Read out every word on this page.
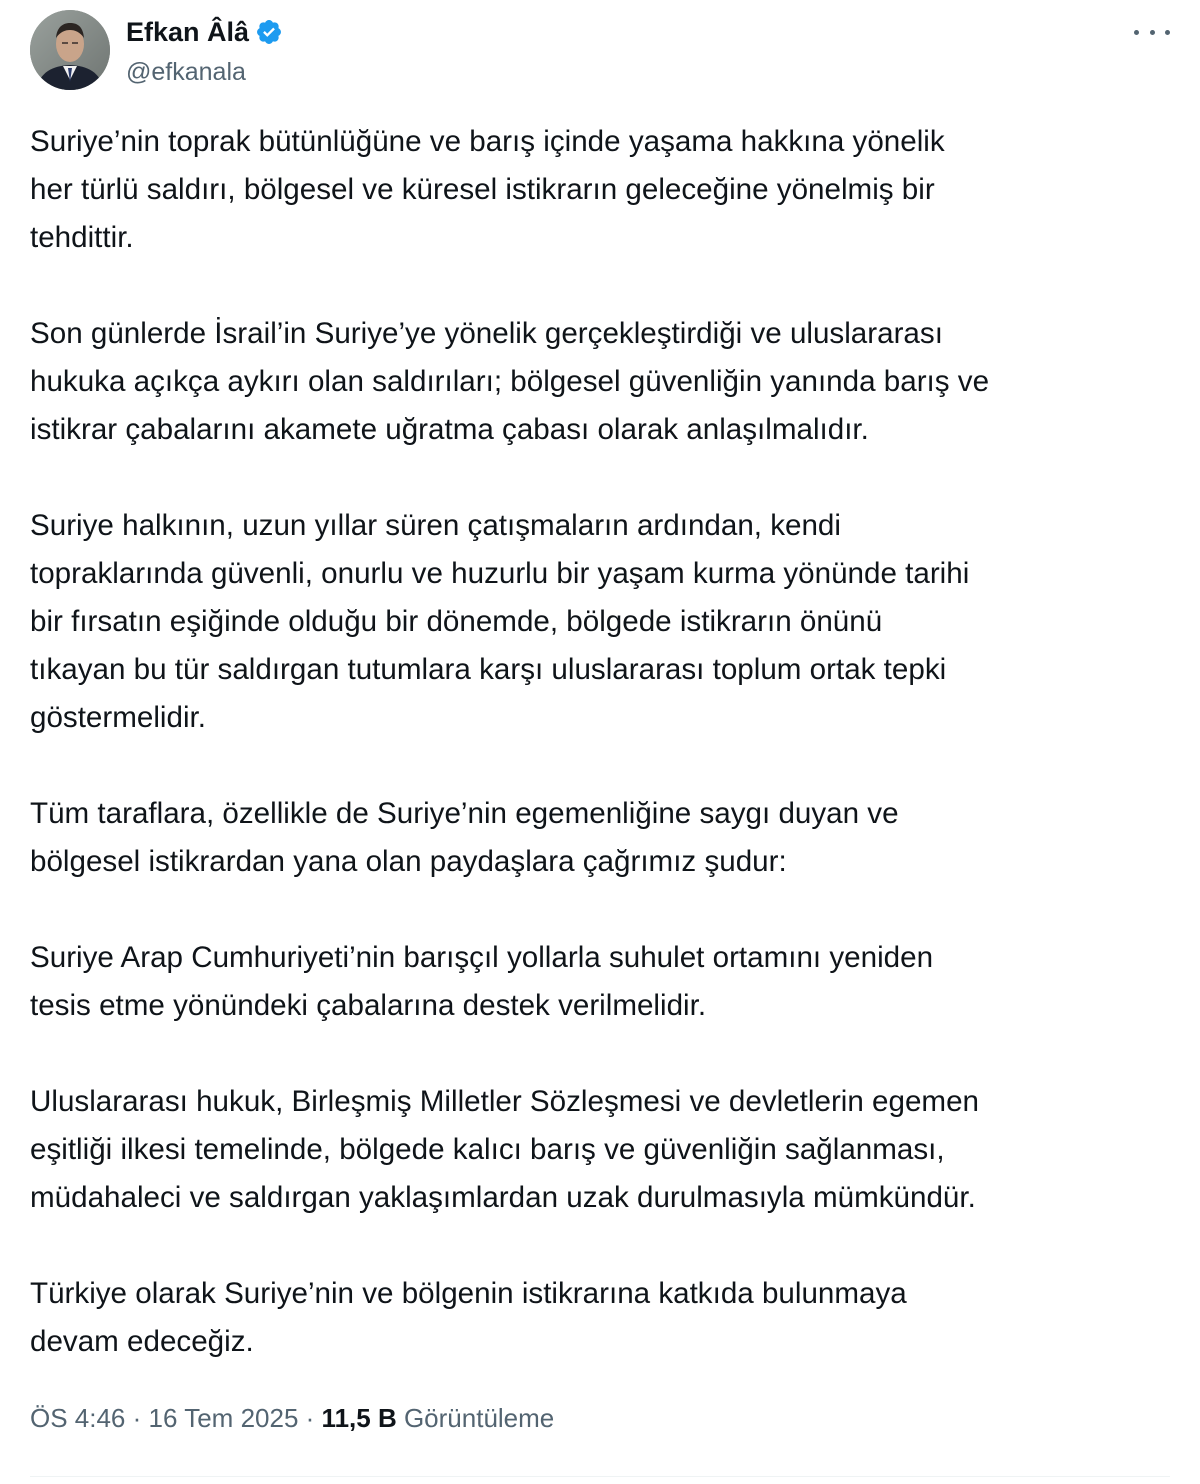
Efkan Âlâ
@efkanala

Suriye’nin toprak bütünlüğüne ve barış içinde yaşama hakkına yönelik
her türlü saldırı, bölgesel ve küresel istikrarın geleceğine yönelmiş bir
tehdittir.

Son günlerde İsrail’in Suriye’ye yönelik gerçekleştirdiği ve uluslararası
hukuka açıkça aykırı olan saldırıları; bölgesel güvenliğin yanında barış ve
istikrar çabalarını akamete uğratma çabası olarak anlaşılmalıdır.

Suriye halkının, uzun yıllar süren çatışmaların ardından, kendi
topraklarında güvenli, onurlu ve huzurlu bir yaşam kurma yönünde tarihi
bir fırsatın eşiğinde olduğu bir dönemde, bölgede istikrarın önünü
tıkayan bu tür saldırgan tutumlara karşı uluslararası toplum ortak tepki
göstermelidir.

Tüm taraflara, özellikle de Suriye’nin egemenliğine saygı duyan ve
bölgesel istikrardan yana olan paydaşlara çağrımız şudur:

Suriye Arap Cumhuriyeti’nin barışçıl yollarla suhulet ortamını yeniden
tesis etme yönündeki çabalarına destek verilmelidir.

Uluslararası hukuk, Birleşmiş Milletler Sözleşmesi ve devletlerin egemen
eşitliği ilkesi temelinde, bölgede kalıcı barış ve güvenliğin sağlanması,
müdahaleci ve saldırgan yaklaşımlardan uzak durulmasıyla mümkündür.

Türkiye olarak Suriye’nin ve bölgenin istikrarına katkıda bulunmaya
devam edeceğiz.

ÖS 4:46 · 16 Tem 2025 · 11,5 B Görüntüleme
